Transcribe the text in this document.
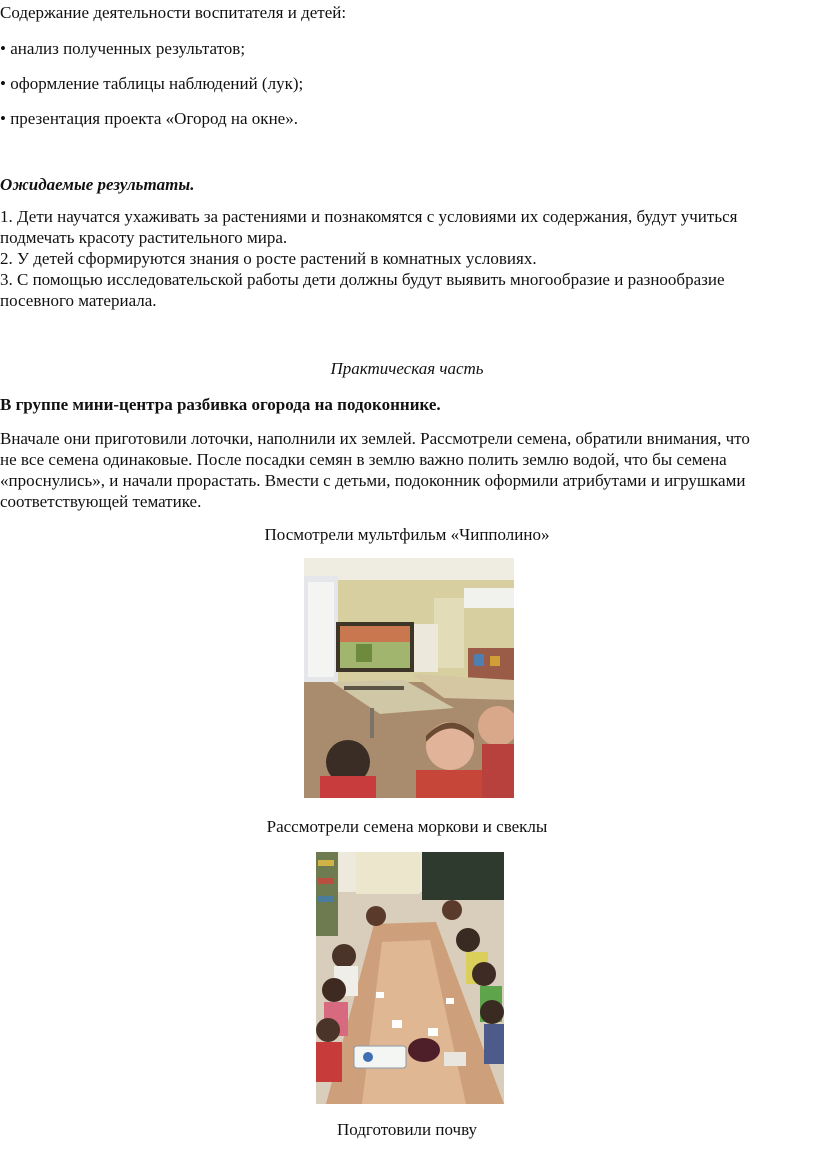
Содержание деятельности воспитателя и детей:

• анализ полученных результатов;

• оформление таблицы наблюдений (лук);

• презентация проекта «Огород на окне».

Ожидаемые результаты.

1. Дети научатся ухаживать за растениями и познакомятся с условиями их содержания, будут учиться
подмечать красоту растительного мира.
2. У детей сформируются знания о росте растений в комнатных условиях.
3. С помощью исследовательской работы дети должны будут выявить многообразие и разнообразие
посевного материала.

Практическая часть

В группе мини-центра разбивка огорода на подоконнике.

Вначале они приготовили лоточки, наполнили их землей. Рассмотрели семена, обратили внимания, что
не все семена одинаковые. После посадки семян в землю важно полить землю водой, что бы семена
«проснулись», и начали прорастать. Вмести с детьми, подоконник оформили атрибутами и игрушками
соответствующей тематике.

Посмотрели мультфильм «Чипполино»

Рассмотрели семена моркови и свеклы

Подготовили почву
